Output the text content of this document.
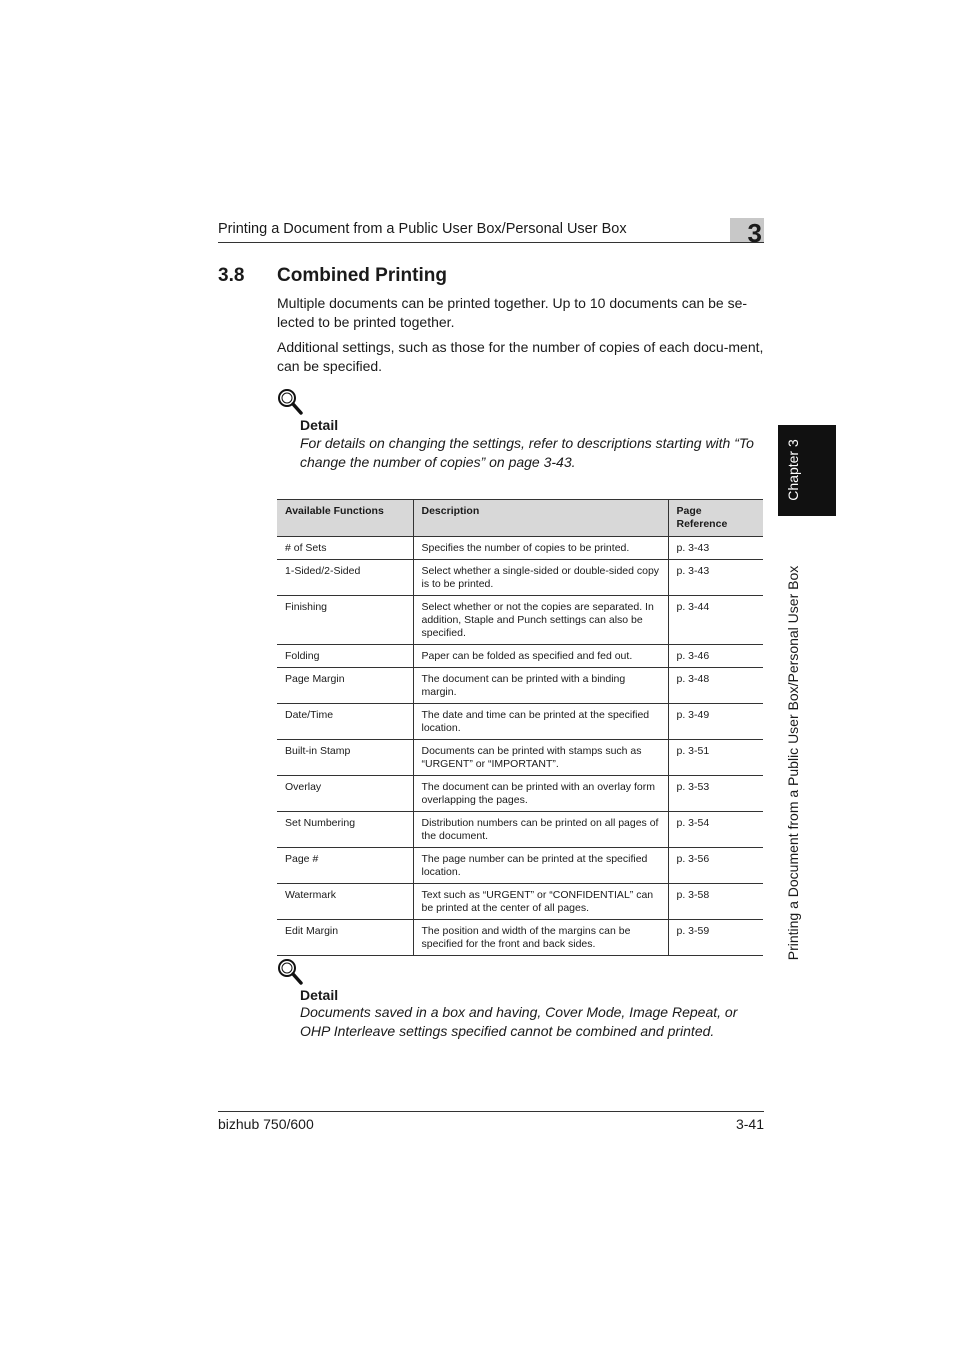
Printing a Document from a Public User Box/Personal User Box	3
3.8 Combined Printing

Multiple documents can be printed together. Up to 10 documents can be se-lected to be printed together.

Additional settings, such as those for the number of copies of each docu-ment, can be specified.

Detail

For details on changing the settings, refer to descriptions starting with “To change the number of copies” on page 3-43.

Available Functions	Description	Page Reference
# of Sets	Specifies the number of copies to be printed.	p. 3-43
1-Sided/2-Sided	Select whether a single-sided or double-sided copy is to be printed.	p. 3-43
Finishing	Select whether or not the copies are separated. In addition, Staple and Punch settings can also be specified.	p. 3-44
Folding	Paper can be folded as specified and fed out.	p. 3-46
Page Margin	The document can be printed with a binding margin.	p. 3-48
Date/Time	The date and time can be printed at the specified location.	p. 3-49
Built-in Stamp	Documents can be printed with stamps such as “URGENT” or “IMPORTANT”.	p. 3-51
Overlay	The document can be printed with an overlay form overlapping the pages.	p. 3-53
Set Numbering	Distribution numbers can be printed on all pages of the document.	p. 3-54
Page #	The page number can be printed at the specified location.	p. 3-56
Watermark	Text such as “URGENT” or “CONFIDENTIAL” can be printed at the center of all pages.	p. 3-58
Edit Margin	The position and width of the margins can be specified for the front and back sides.	p. 3-59
Detail

Documents saved in a box and having, Cover Mode, Image Repeat, or OHP Interleave settings specified cannot be combined and printed.

bizhub 750/600	3-41
Chapter 3
Printing a Document from a Public User Box/Personal User Box
